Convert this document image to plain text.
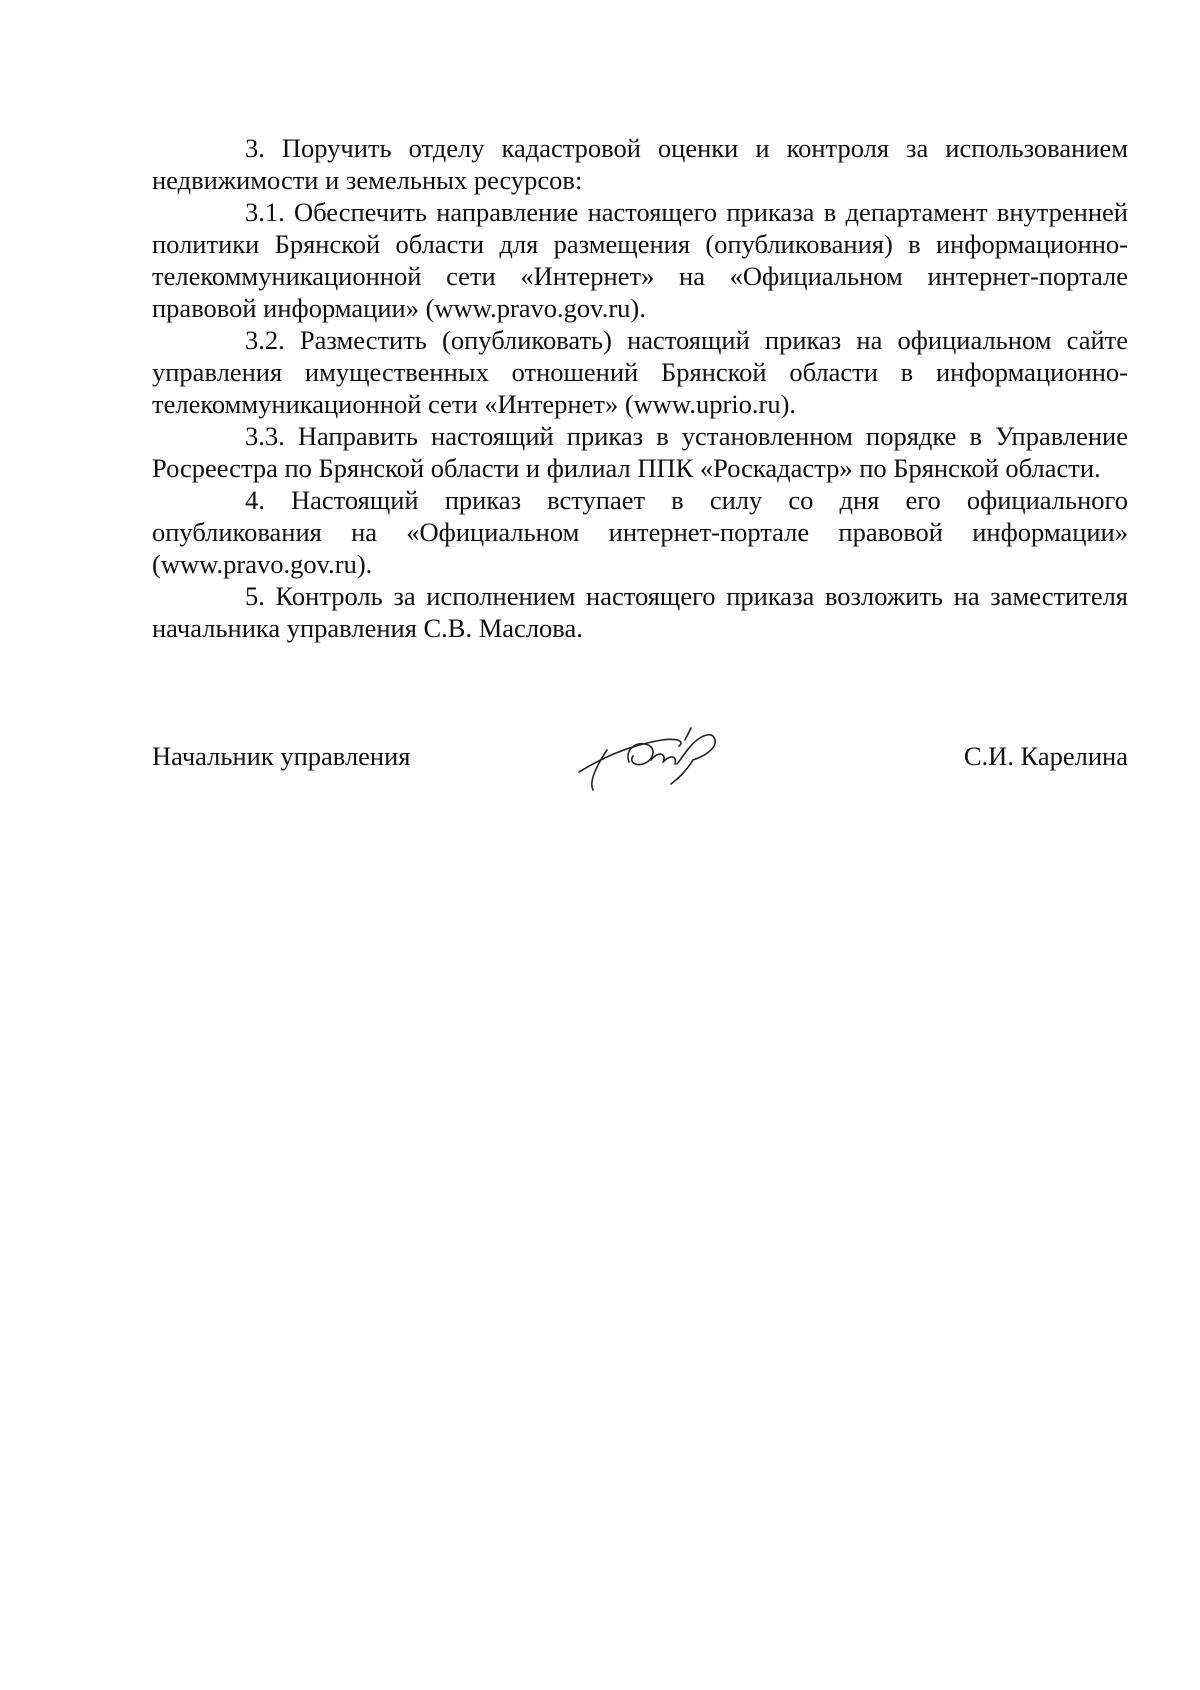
3. Поручить отделу кадастровой оценки и контроля за использованием недвижимости и земельных ресурсов:

3.1. Обеспечить направление настоящего приказа в департамент внутренней политики Брянской области для размещения (опубликования) в информационно-телекоммуникационной сети «Интернет» на «Официальном интернет-портале правовой информации» (www.pravo.gov.ru).

3.2. Разместить (опубликовать) настоящий приказ на официальном сайте управления имущественных отношений Брянской области в информационно-телекоммуникационной сети «Интернет» (www.uprio.ru).

3.3. Направить настоящий приказ в установленном порядке в Управление Росреестра по Брянской области и филиал ППК «Роскадастр» по Брянской области.

4. Настоящий приказ вступает в силу со дня его официального опубликования на «Официальном интернет-портале правовой информации» (www.pravo.gov.ru).

5. Контроль за исполнением настоящего приказа возложить на заместителя начальника управления С.В. Маслова.

Начальник управления	С.И. Карелина
